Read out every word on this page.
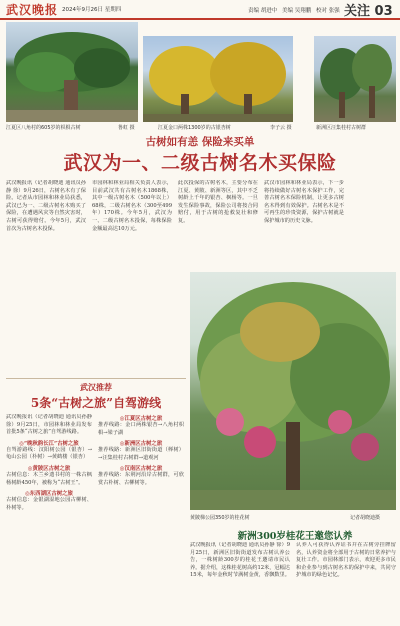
武汉晚报 2024年9月26日 星期四	责编 胡进中 美编 吴翔鹏 校对 张强 关注 03
江夏区八角村的605岁的枳椇古树	鲁虹 摄	江夏金口两株1300岁的古银杏树	李子云 摄	新洲区汪集桂村古树群
古树如有恙 保险来买单
武汉为一、二级古树名木买保险
武汉晚报讯（记者胡晓迪 通讯员孙静 徐）9月26日，古树名木有了保险。记者从市园林和林业局获悉，武汉已为一、二级古树名木购买了保险，在遭遇风灾等自然灾害时，古树可获得赔付。今年5月，武汉首次为古树名木投保。
市园林和林业局相关负责人表示，目前武汉共有古树名木1868株，其中一级古树名木（500年以上）68株，二级古树名木（300至499年）170株。今年5月，武汉为一、二级古树名木投保，每株保险金额最高达10万元。
此次投保的古树名木，主要分布在江夏、黄陂、新洲等区，其中不乏树龄上千年的银杏、枫杨等。一旦发生保险事故，保险公司将按合同赔付，用于古树的抢救复壮和修复。
武汉市园林和林业局表示，下一步将持续做好古树名木保护工作，完善古树名木保险机制，让更多古树名木得到有效保护。古树名木是不可再生的珍贵资源，保护古树就是保护城市的历史文脉。
黄陂梯公园350岁的桂花树	记者胡晓迪摄
武汉推荐
5条“古树之旅”自驾游线
武汉晚报讯（记者胡晓迪 通讯员孙静 徐）9月25日，市园林和林业局发布首批5条“古树之旅”自驾游线路。
◎“晚秋韵长江”古树之旅
自驾游路线：汉阳树公园（银杏）→龟山公园（朴树）→黄鹤楼（银杏）
◎黄陂区古树之旅
古树信息：木兰乡遗书村的一株古枫杨树龄450年，被称为“古树王”。
◎东西湖区古树之旅
古树信息：金银湖湿地公园古柳树、朴树等。
◎江夏区古树之旅
推荐线路：金口两株银杏→八角村枳椇→梁子湖
◎新洲区古树之旅
推荐线路：新洲区旧街街道（榉树）→汪集桂村古树群→道观河
◎汉南区古树之旅
推荐线路：东荆河沿岸古树群，可欣赏古朴树、古柳树等。
新洲300岁桂花王邀您认养
武汉晚报讯（记者胡晓迪 通讯员孙静 徐）9月25日，新洲区旧街街道发布古树认养公告，一株树龄300岁的桂花王邀请市民认养。据介绍，这株桂花树高约12米，冠幅达15米，每年金秋时节满树金黄，香飘数里。
认养人可获得认养证书并在古树旁挂牌留名，认养资金将全部用于古树的日常养护与复壮工作。市园林部门表示，欢迎更多市民和企业参与到古树名木的保护中来，共同守护城市的绿色记忆。
